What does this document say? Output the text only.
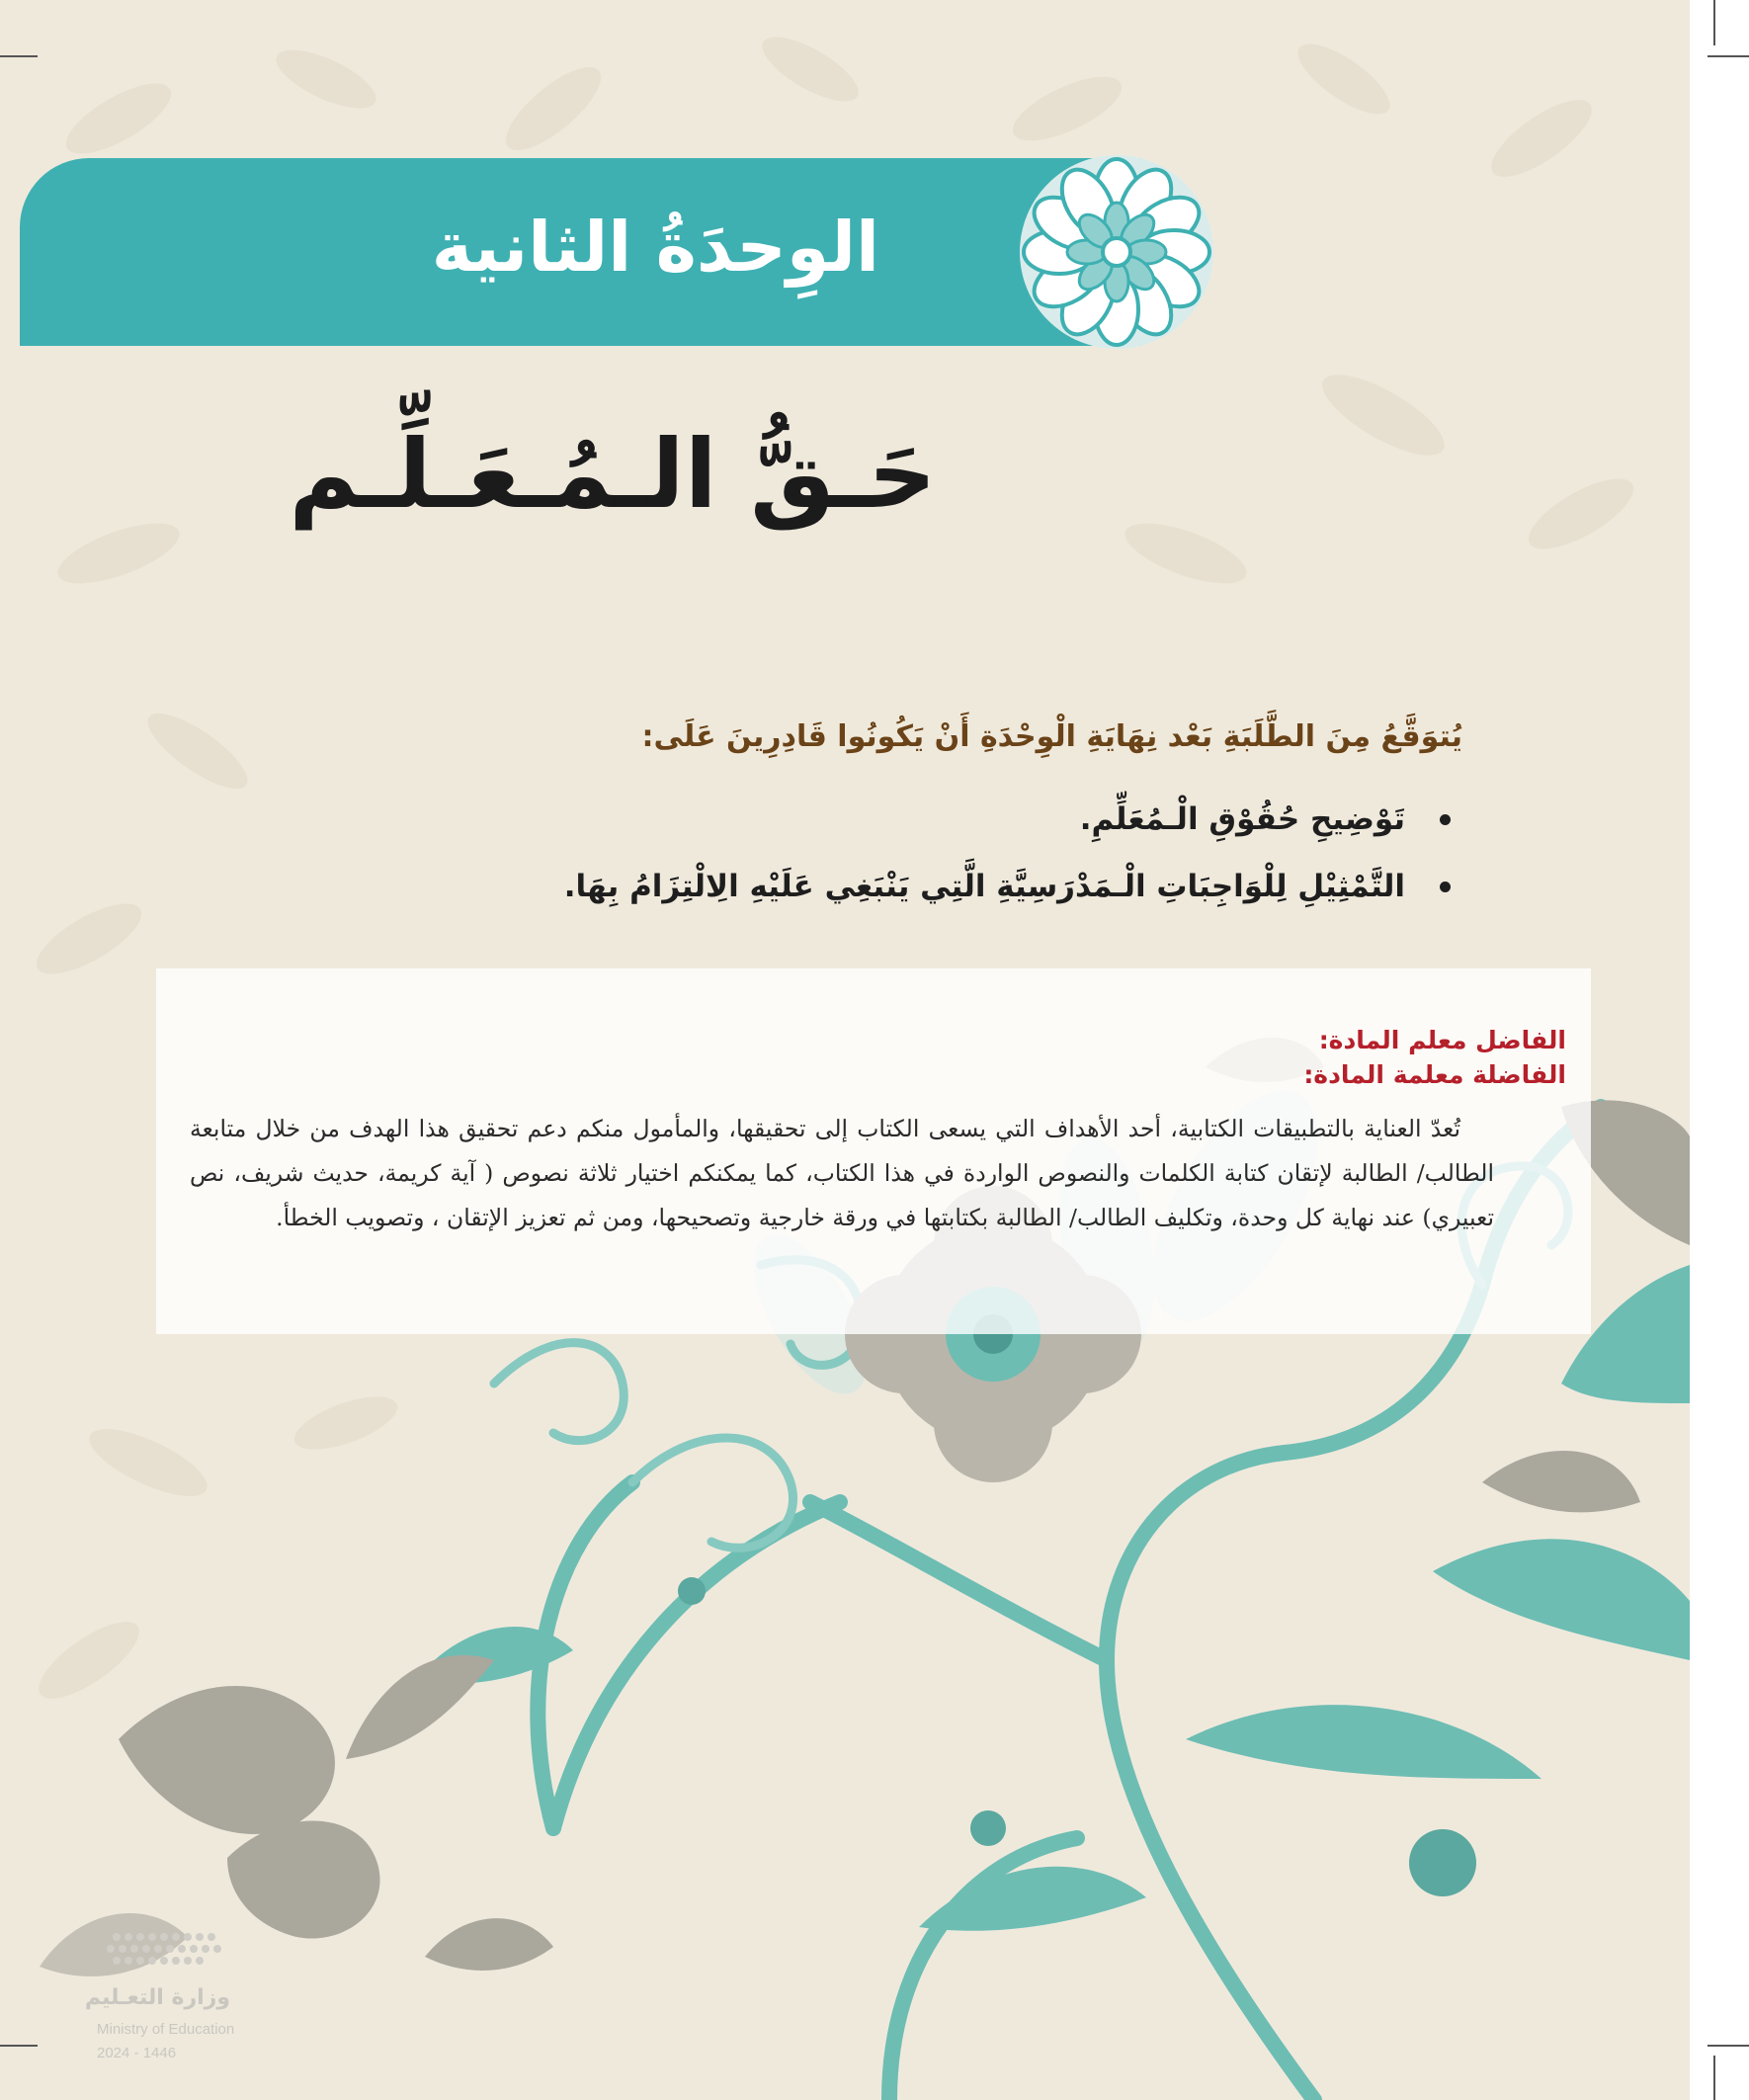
الوِحدَةُ الثانية
حَـقُّ الـمُـعَـلِّـم
يُتوَقَّعُ مِنَ الطَّلَبَةِ بَعْد نِهَايَةِ الْوِحْدَةِ أَنْ يَكُونُوا قَادِرِينَ عَلَى:
تَوْضِيحِ حُقُوْقِ الْـمُعَلِّمِ.
التَّمْثِيْلِ لِلْوَاجِبَاتِ الْـمَدْرَسِيَّةِ الَّتِي يَنْبَغِي عَلَيْهِ الِالْتِزَامُ بِهَا.
الفاضل معلم المادة:
الفاضلة معلمة المادة:

تُعدّ العناية بالتطبيقات الكتابية، أحد الأهداف التي يسعى الكتاب إلى تحقيقها، والمأمول منكم دعم تحقيق هذا الهدف من خلال متابعة الطالب/ الطالبة لإتقان كتابة الكلمات والنصوص الواردة في هذا الكتاب، كما يمكنكم اختيار ثلاثة نصوص ( آية كريمة، حديث شريف، نص تعبيري) عند نهاية كل وحدة، وتكليف الطالب/ الطالبة بكتابتها في ورقة خارجية وتصحيحها، ومن ثم تعزيز الإتقان ، وتصويب الخطأ.

وزارة التعـليم
Ministry of Education
2024 - 1446
